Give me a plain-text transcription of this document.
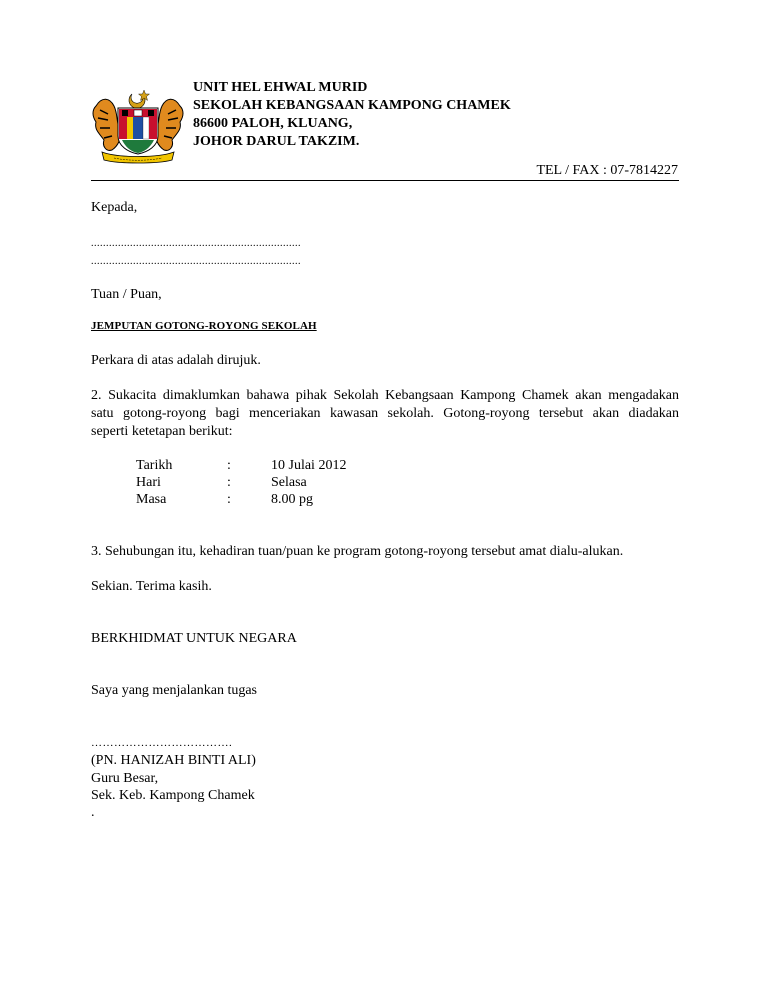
UNIT HEL EHWAL MURID
SEKOLAH KEBANGSAAN KAMPONG CHAMEK
86600 PALOH, KLUANG,
JOHOR DARUL TAKZIM.
TEL / FAX : 07-7814227
Kepada,
......................................................................
......................................................................
Tuan / Puan,
JEMPUTAN GOTONG-ROYONG SEKOLAH
Perkara di atas adalah dirujuk.
2. Sukacita dimaklumkan bahawa pihak Sekolah Kebangsaan Kampong Chamek akan mengadakan
satu gotong-royong bagi menceriakan kawasan sekolah. Gotong-royong tersebut akan diadakan
seperti ketetapan berikut:
Tarikh	:	10 Julai 2012
Hari	:	Selasa
Masa	:	8.00 pg
3. Sehubungan itu, kehadiran tuan/puan ke program gotong-royong tersebut amat dialu-alukan.
Sekian. Terima kasih.
BERKHIDMAT UNTUK NEGARA
Saya yang menjalankan tugas
……………………………….
(PN. HANIZAH BINTI ALI)
Guru Besar,
Sek. Keb. Kampong Chamek
.
